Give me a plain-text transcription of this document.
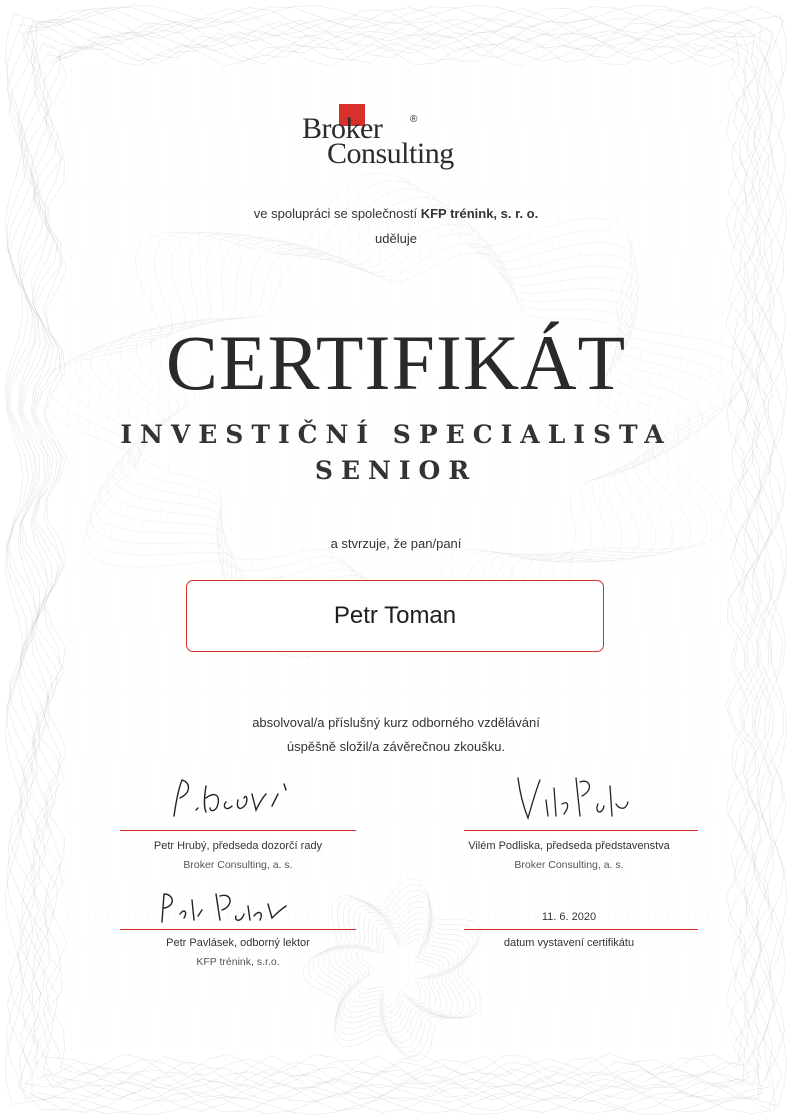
Broker	®
Consulting
ve spolupráci se společností KFP trénink, s. r. o.
uděluje
CERTIFIKÁT
INVESTIČNÍ SPECIALISTA
SENIOR
a stvrzuje, že pan/paní
Petr Toman
absolvoval/a příslušný kurz odborného vzdělávání
úspěšně složil/a závěrečnou zkoušku.
Petr Hrubý, předseda dozorčí rady
Broker Consulting, a. s.
Vilém Podliska, předseda představenstva
Broker Consulting, a. s.
Petr Pavlásek, odborný lektor
KFP trénink, s.r.o.
11. 6. 2020
datum vystavení certifikátu
